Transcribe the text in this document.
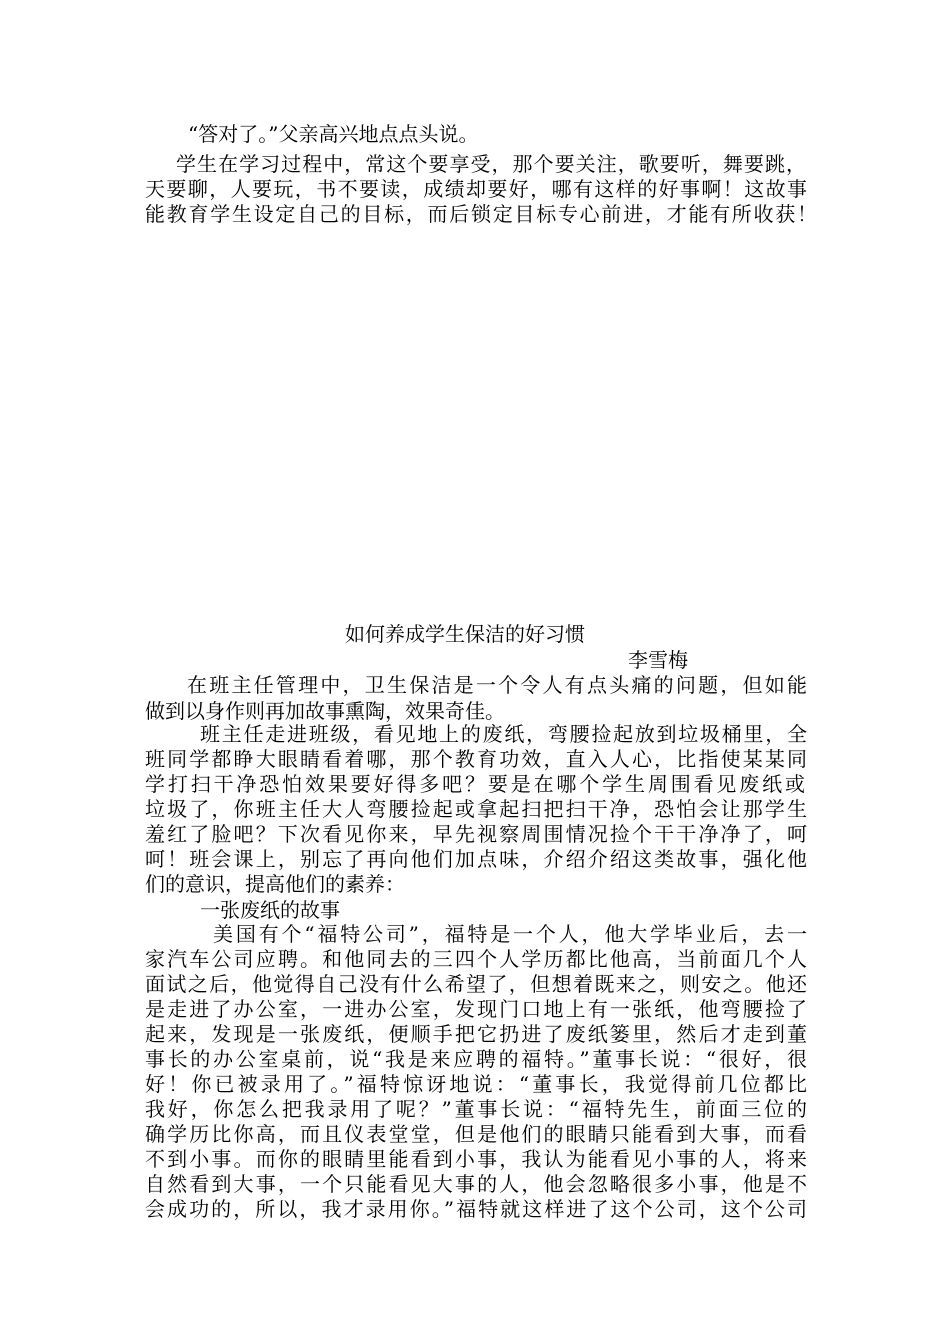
“答对了。”父亲高兴地点点头说。
学生在学习过程中，常这个要享受，那个要关注，歌要听，舞要跳，
天要聊，人要玩，书不要读，成绩却要好，哪有这样的好事啊！这故事
能教育学生设定自己的目标，而后锁定目标专心前进，才能有所收获！
如何养成学生保洁的好习惯
李雪梅
在班主任管理中，卫生保洁是一个令人有点头痛的问题，但如能
做到以身作则再加故事熏陶，效果奇佳。
班主任走进班级，看见地上的废纸，弯腰捡起放到垃圾桶里，全
班同学都睁大眼睛看着哪，那个教育功效，直入人心，比指使某某同
学打扫干净恐怕效果要好得多吧？要是在哪个学生周围看见废纸或
垃圾了，你班主任大人弯腰捡起或拿起扫把扫干净，恐怕会让那学生
羞红了脸吧？下次看见你来，早先视察周围情况捡个干干净净了，呵
呵！班会课上，别忘了再向他们加点味，介绍介绍这类故事，强化他
们的意识，提高他们的素养：
一张废纸的故事
美国有个“福特公司”，福特是一个人，他大学毕业后，去一
家汽车公司应聘。和他同去的三四个人学历都比他高，当前面几个人
面试之后，他觉得自己没有什么希望了，但想着既来之，则安之。他还
是走进了办公室，一进办公室，发现门口地上有一张纸，他弯腰捡了
起来，发现是一张废纸，便顺手把它扔进了废纸篓里，然后才走到董
事长的办公室桌前，说“我是来应聘的福特。”董事长说：“很好，很
好！你已被录用了。”福特惊讶地说：“董事长，我觉得前几位都比
我好，你怎么把我录用了呢？”董事长说：“福特先生，前面三位的
确学历比你高，而且仪表堂堂，但是他们的眼睛只能看到大事，而看
不到小事。而你的眼睛里能看到小事，我认为能看见小事的人，将来
自然看到大事，一个只能看见大事的人，他会忽略很多小事，他是不
会成功的，所以，我才录用你。”福特就这样进了这个公司，这个公司
